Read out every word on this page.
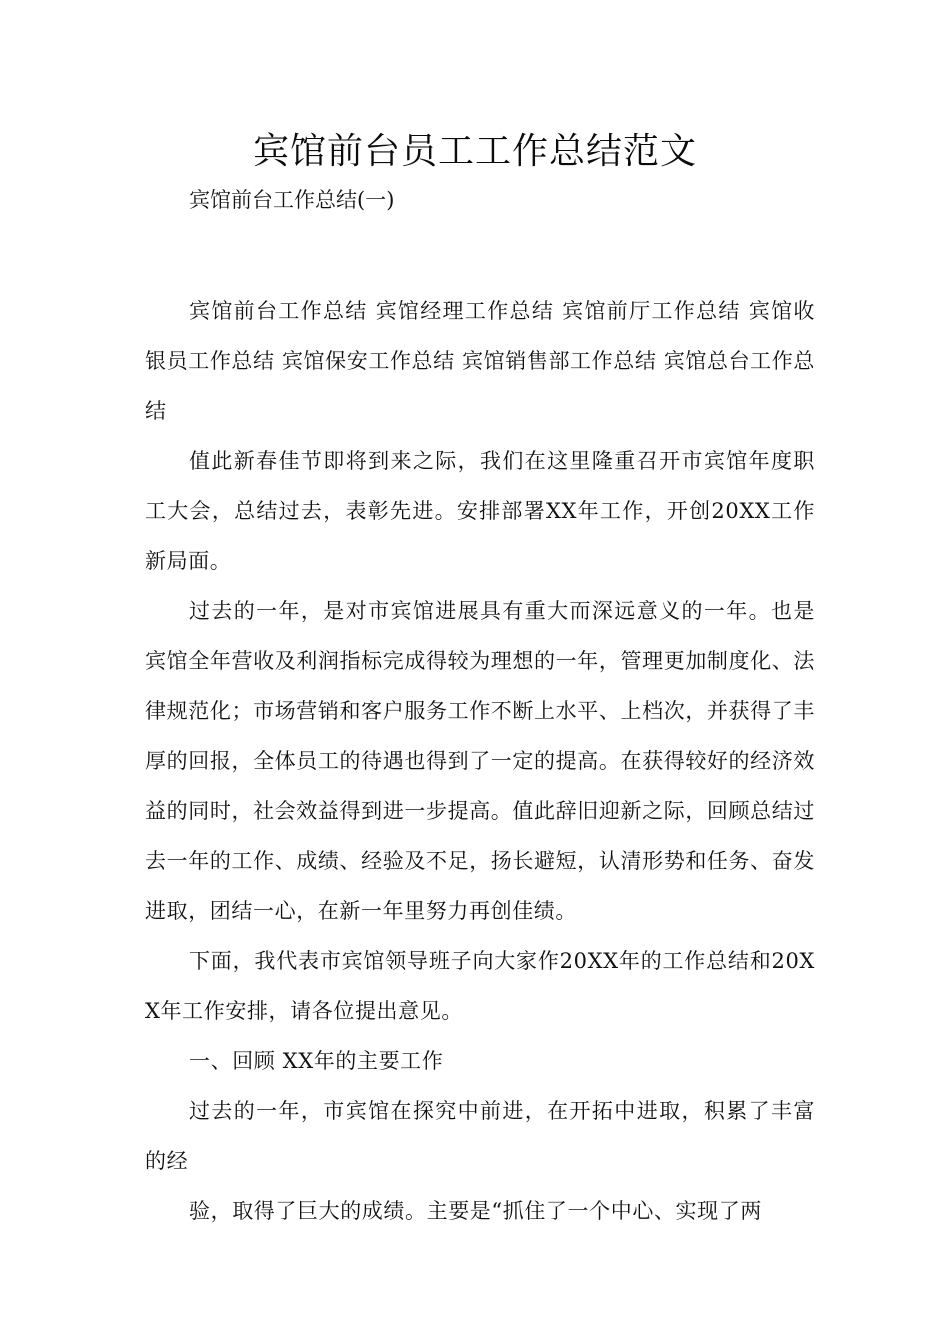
宾馆前台员工工作总结范文

宾馆前台工作总结(一)

宾馆前台工作总结 宾馆经理工作总结 宾馆前厅工作总结 宾馆收银员工作总结 宾馆保安工作总结 宾馆销售部工作总结 宾馆总台工作总结

值此新春佳节即将到来之际，我们在这里隆重召开市宾馆年度职工大会，总结过去，表彰先进。安排部署XX年工作，开创20XX工作新局面。

过去的一年，是对市宾馆进展具有重大而深远意义的一年。也是宾馆全年营收及利润指标完成得较为理想的一年，管理更加制度化、法律规范化；市场营销和客户服务工作不断上水平、上档次，并获得了丰厚的回报，全体员工的待遇也得到了一定的提高。在获得较好的经济效益的同时，社会效益得到进一步提高。值此辞旧迎新之际，回顾总结过去一年的工作、成绩、经验及不足，扬长避短，认清形势和任务、奋发进取，团结一心，在新一年里努力再创佳绩。

下面，我代表市宾馆领导班子向大家作20XX年的工作总结和20XX年工作安排，请各位提出意见。

一、回顾 XX年的主要工作

过去的一年，市宾馆在探究中前进，在开拓中进取，积累了丰富的经

验，取得了巨大的成绩。主要是“抓住了一个中心、实现了两
